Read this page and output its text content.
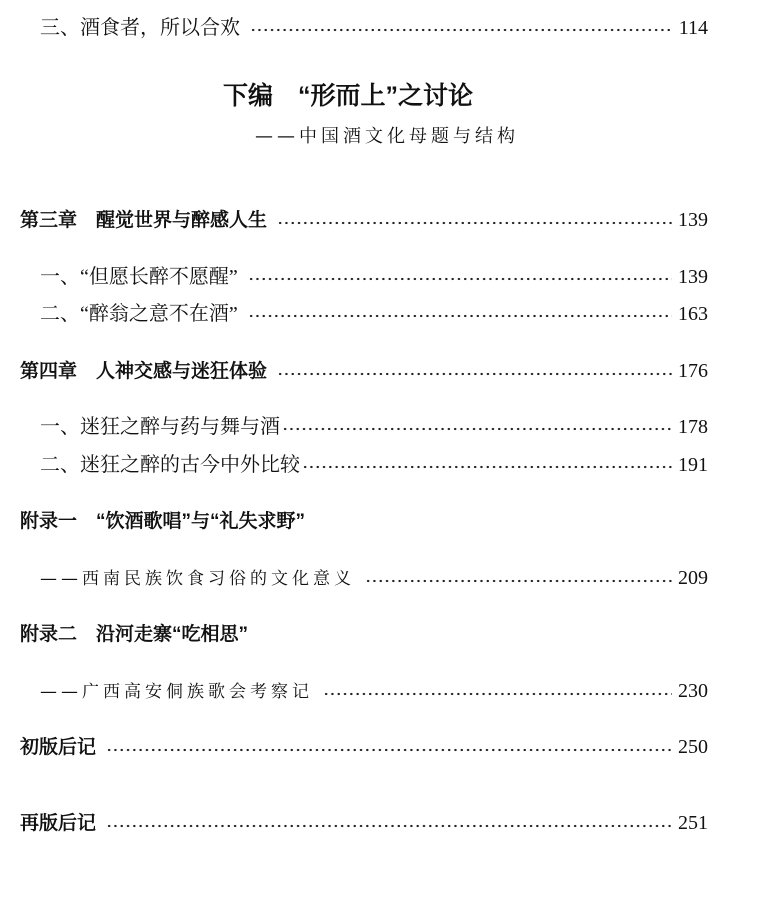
三、酒食者，所以合欢	114
下编　“形而上”之讨论
——中国酒文化母题与结构
第三章　醒觉世界与醉感人生	139
一、“但愿长醉不愿醒”	139
二、“醉翁之意不在酒”	163
第四章　人神交感与迷狂体验	176
一、迷狂之醉与药与舞与酒	178
二、迷狂之醉的古今中外比较	191
附录一　“饮酒歌唱”与“礼失求野”
——西南民族饮食习俗的文化意义	209
附录二　沿河走寨“吃相思”
——广西高安侗族歌会考察记	230
初版后记	250
再版后记	251
